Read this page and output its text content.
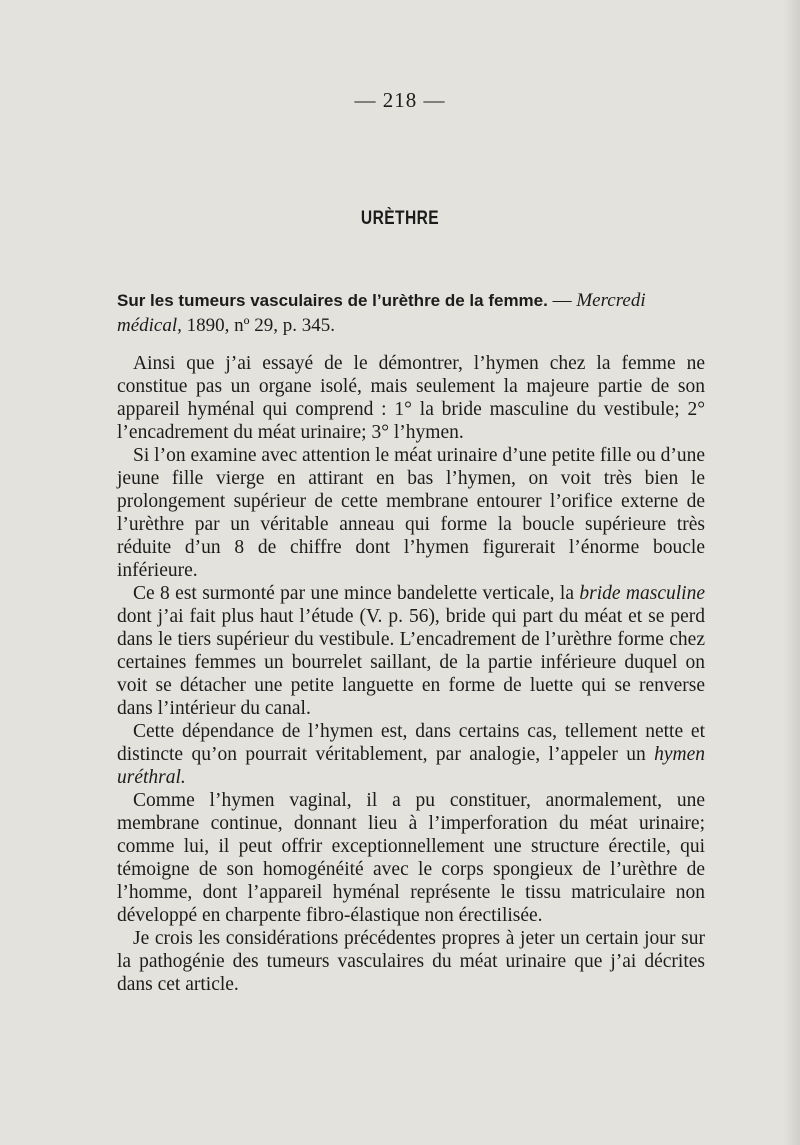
— 218 —
URÈTHRE
Sur les tumeurs vasculaires de l’urèthre de la femme. — Mercredi médical, 1890, nº 29, p. 345.

Ainsi que j’ai essayé de le démontrer, l’hymen chez la femme ne constitue pas un organe isolé, mais seulement la majeure partie de son appareil hyménal qui comprend : 1° la bride masculine du vestibule; 2° l’encadrement du méat urinaire; 3° l’hymen.

Si l’on examine avec attention le méat urinaire d’une petite fille ou d’une jeune fille vierge en attirant en bas l’hymen, on voit très bien le prolongement supérieur de cette membrane entourer l’orifice externe de l’urèthre par un véritable anneau qui forme la boucle supérieure très réduite d’un 8 de chiffre dont l’hymen figurerait l’énorme boucle inférieure.

Ce 8 est surmonté par une mince bandelette verticale, la bride masculine dont j’ai fait plus haut l’étude (V. p. 56), bride qui part du méat et se perd dans le tiers supérieur du vestibule. L’encadrement de l’urèthre forme chez certaines femmes un bourrelet saillant, de la partie inférieure duquel on voit se détacher une petite languette en forme de luette qui se renverse dans l’intérieur du canal.

Cette dépendance de l’hymen est, dans certains cas, tellement nette et distincte qu’on pourrait véritablement, par analogie, l’appeler un hymen uréthral.

Comme l’hymen vaginal, il a pu constituer, anormalement, une membrane continue, donnant lieu à l’imperforation du méat urinaire; comme lui, il peut offrir exceptionnellement une structure érectile, qui témoigne de son homogénéité avec le corps spongieux de l’urèthre de l’homme, dont l’appareil hyménal représente le tissu matriculaire non développé en charpente fibro-élastique non érectilisée.

Je crois les considérations précédentes propres à jeter un certain jour sur la pathogénie des tumeurs vasculaires du méat urinaire que j’ai décrites dans cet article.
